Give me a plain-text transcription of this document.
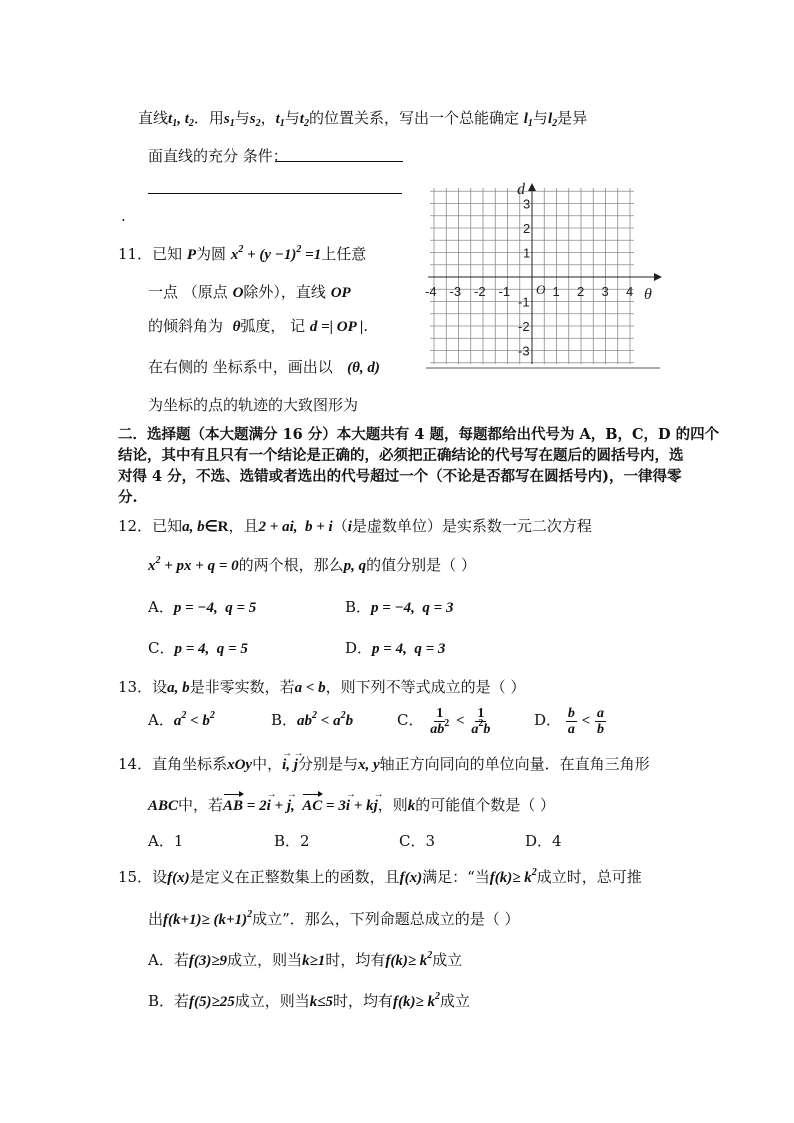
直线$t_1$, $t_2$．用$s_1$与$s_2$，$t_1$与$t_2$的位置关系，写出一个总能确定 $l_1$与$l_2$是异
面直线的充分 条件：
.
11．已知 P为圆 $x^2 + (y -1)^2 =1$上任意
一点 （原点 O除外），直线 OP
的倾斜角为 θ弧度， 记 d =| OP |.
在右侧的 坐标系中，画出以 (θ, d)
为坐标的点的轨迹的大致图形为
-4 -3 -2 -1	1 2 3 4
3
2
1
-1
-2
-3
θ
d
O
二．选择题（本大题满分 16 分）本大题共有 4 题，每题都给出代号为 A，B，C，D 的四个
结论，其中有且只有一个结论是正确的，必须把正确结论的代号写在题后的圆括号内，选
对得 4 分，不选、选错或者选出的代号超过一个（不论是否都写在圆括号内)，一律得零
分.
12．已知a, b∈R，且2 + ai,  b + i（i是虚数单位）是实系数一元二次方程
$x^2$ + px + q = 0的两个根，那么p, q的值分别是（ ）
A．p = −4,  q = 5	B．p = −4,  q = 3
C．p = 4,  q = 5	D．p = 4,  q = 3
13．设a, b是非零实数，若a < b，则下列不等式成立的是（ ）
A．$a^2 < b^2$	B．$ab^2 < a^2b$	C． $\frac{1}{ab^2} < \frac{1}{a^2b}$	D． $\frac{b}{a} < \frac{a}{b}$
14．直角坐标系xOy中，→ i, → j分别是与x, y轴正方向同向的单位向量．在直角三角形
ABC中，若AB = 2→ i + → j,  AC = 3→ i + k→ j，则k的可能值个数是（ ）
A．1	B．2	C．3	D．4
15．设f(x)是定义在正整数集上的函数，且f(x)满足：“当$f(k)\ge k^2$成立时，总可推
出$f(k+1)\ge (k+1)^2$成立”．那么，下列命题总成立的是（ ）
A．若f(3)≥9成立，则当k≥1时，均有$f(k)\ge k^2$成立
B．若f(5)≥25成立，则当k≤5时，均有$f(k)\ge k^2$成立
